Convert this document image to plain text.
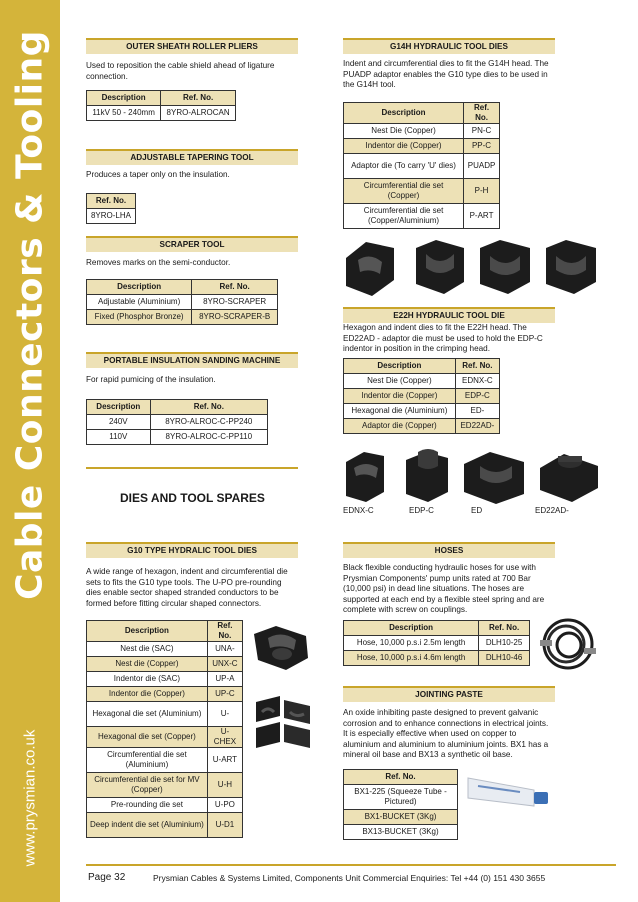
Cable Connectors & Tooling
www.prysmian.co.uk
OUTER SHEATH ROLLER PLIERS
Used to reposition the cable shield ahead of ligature connection.
Description	Ref. No.
11kV 50 - 240mm	8YRO-ALROCAN
ADJUSTABLE TAPERING TOOL
Produces a taper only on the insulation.
Ref. No.
8YRO-LHA
SCRAPER TOOL
Removes marks on the semi-conductor.
Description	Ref. No.
Adjustable (Aluminium)	8YRO-SCRAPER
Fixed (Phosphor Bronze)	8YRO-SCRAPER-B
PORTABLE INSULATION SANDING MACHINE
For rapid pumicing of the insulation.
Description	Ref. No.
240V	8YRO-ALROC-C-PP240
110V	8YRO-ALROC-C-PP110
DIES AND TOOL SPARES
G10 TYPE HYDRALIC TOOL DIES
A wide range of hexagon, indent and circumferential die sets to fits the G10 type tools. The U-PO pre-rounding dies enable sector shaped stranded conductors to be formed before fitting circular shaped connectors.
Description	Ref. No.
Nest die (SAC)	UNA-
Nest die (Copper)	UNX-C
Indentor die (SAC)	UP-A
Indentor die (Copper)	UP-C
Hexagonal die set (Aluminium)	U-
Hexagonal die set (Copper)	U-CHEX
Circumferential die set (Aluminium)	U-ART
Circumferential die set for MV (Copper)	U-H
Pre-rounding die set	U-PO
Deep indent die set (Aluminium)	U-D1
G14H HYDRAULIC TOOL DIES
Indent and circumferential dies to fit the G14H head. The PUADP adaptor enables the G10 type dies to be used in the G14H tool.
Description	Ref. No.
Nest Die (Copper)	PN-C
Indentor die (Copper)	PP-C
Adaptor die (To carry 'U' dies)	PUADP
Circumferential die set (Copper)	P-H
Circumferential die set (Copper/Aluminium)	P-ART
E22H HYDRAULIC TOOL DIE
Hexagon and indent dies to fit the E22H head. The ED22AD - adaptor die must be used to hold the EDP-C indentor in position in the crimping head.
Description	Ref. No.
Nest Die (Copper)	EDNX-C
Indentor die (Copper)	EDP-C
Hexagonal die (Aluminium)	ED-
Adaptor die (Copper)	ED22AD-
EDNX-C	EDP-C	ED	ED22AD-
HOSES
Black flexible conducting hydraulic hoses for use with Prysmian Components' pump units rated at 700 Bar (10,000 psi) in dead line situations. The hoses are supported at each end by a flexible steel spring and are complete with screw on couplings.
Description	Ref. No.
Hose, 10,000 p.s.i 2.5m length	DLH10-25
Hose, 10,000 p.s.i 4.6m length	DLH10-46
JOINTING PASTE
An oxide inhibiting paste designed to prevent galvanic corrosion and to enhance connections in electrical joints. It is especially effective when used on copper to aluminium and aluminium to aluminium joints. BX1 has a mineral oil base and BX13 a synthetic oil base.
Ref. No.
BX1-225 (Squeeze Tube - Pictured)
BX1-BUCKET (3Kg)
BX13-BUCKET (3Kg)
Page 32	Prysmian Cables & Systems Limited, Components Unit Commercial Enquiries: Tel +44 (0) 151 430 3655
